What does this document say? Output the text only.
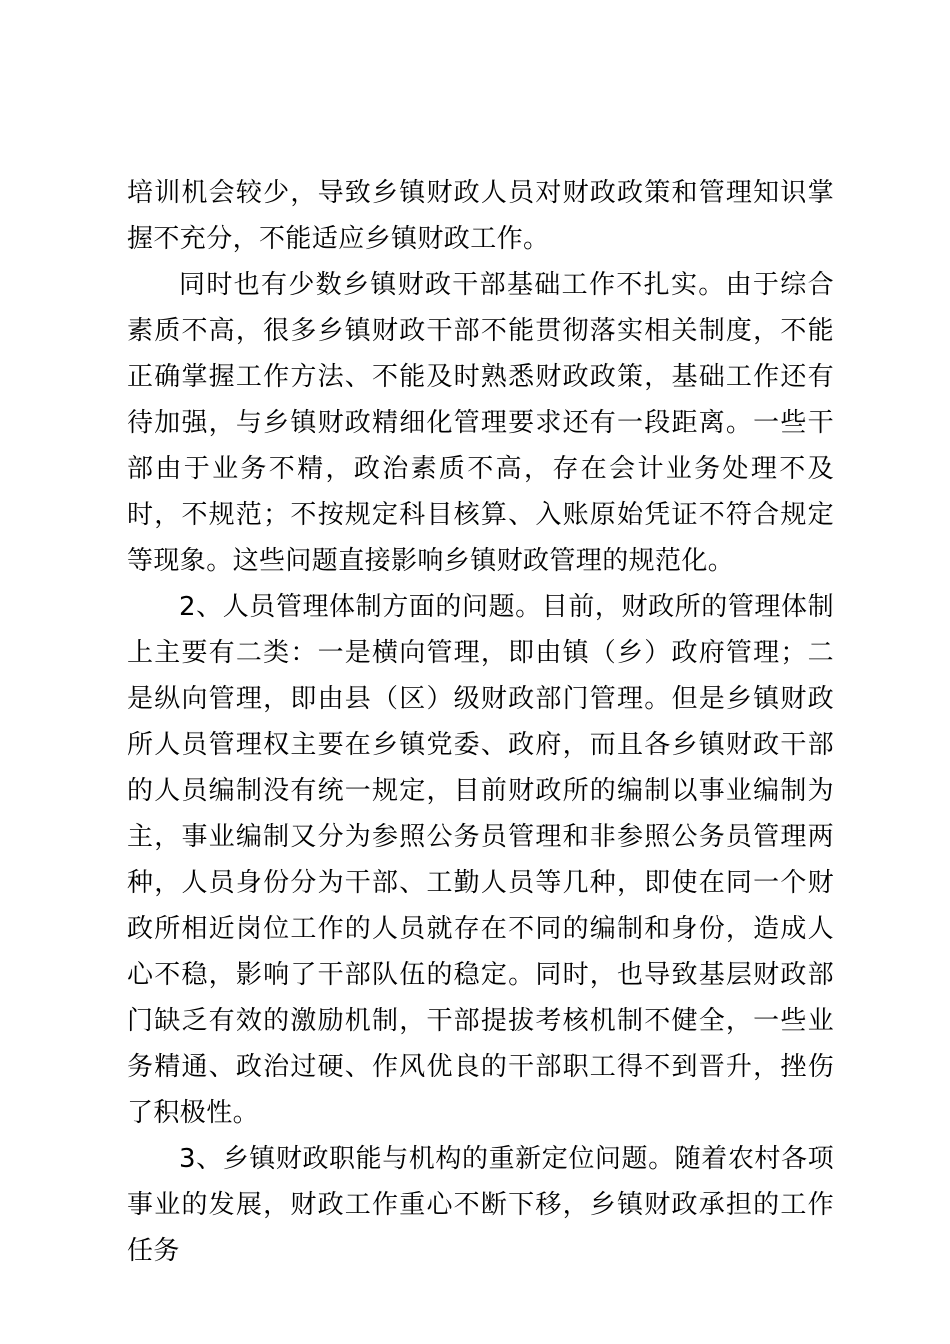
培训机会较少，导致乡镇财政人员对财政政策和管理知识掌握不充分，不能适应乡镇财政工作。

同时也有少数乡镇财政干部基础工作不扎实。由于综合素质不高，很多乡镇财政干部不能贯彻落实相关制度，不能正确掌握工作方法、不能及时熟悉财政政策，基础工作还有待加强，与乡镇财政精细化管理要求还有一段距离。一些干部由于业务不精，政治素质不高，存在会计业务处理不及时，不规范；不按规定科目核算、入账原始凭证不符合规定等现象。这些问题直接影响乡镇财政管理的规范化。

2、人员管理体制方面的问题。目前，财政所的管理体制上主要有二类：一是横向管理，即由镇（乡）政府管理；二是纵向管理，即由县（区）级财政部门管理。但是乡镇财政所人员管理权主要在乡镇党委、政府，而且各乡镇财政干部的人员编制没有统一规定，目前财政所的编制以事业编制为主，事业编制又分为参照公务员管理和非参照公务员管理两种，人员身份分为干部、工勤人员等几种，即使在同一个财政所相近岗位工作的人员就存在不同的编制和身份，造成人心不稳，影响了干部队伍的稳定。同时，也导致基层财政部门缺乏有效的激励机制，干部提拔考核机制不健全，一些业务精通、政治过硬、作风优良的干部职工得不到晋升，挫伤了积极性。

3、乡镇财政职能与机构的重新定位问题。随着农村各项事业的发展，财政工作重心不断下移，乡镇财政承担的工作任务
